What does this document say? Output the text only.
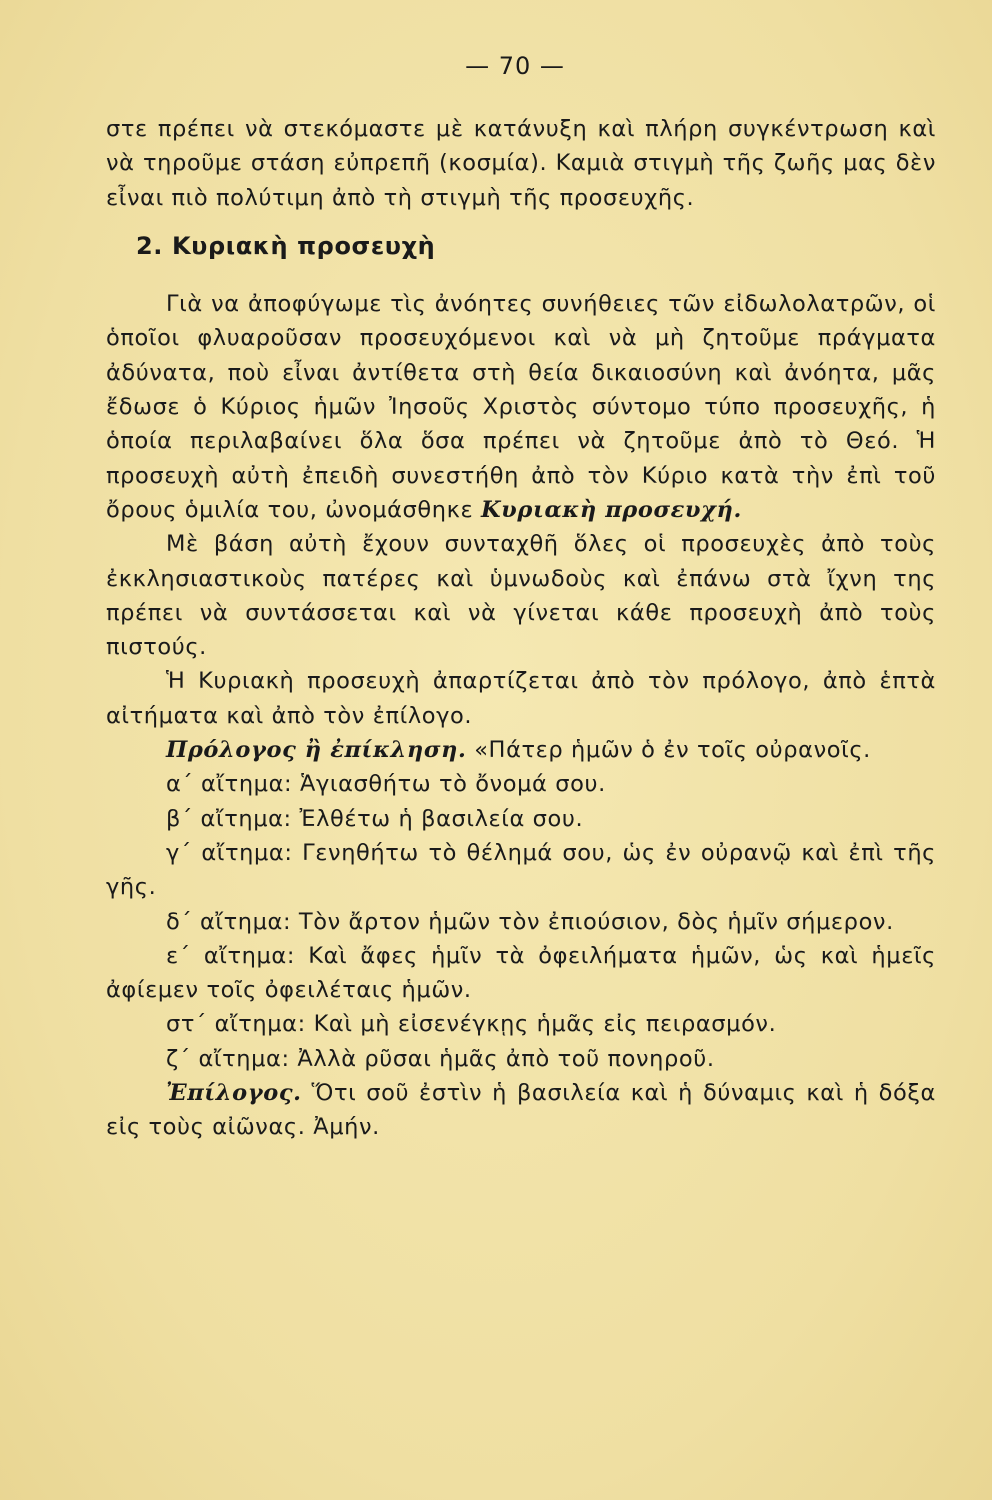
— 70 —

στε πρέπει νὰ στεκόμαστε μὲ κατάνυξη καὶ πλήρη συγκέντρωση καὶ νὰ τηροῦμε στάση εὐπρεπῆ (κοσμία). Καμιὰ στιγμὴ τῆς ζωῆς μας δὲν εἶναι πιὸ πολύτιμη ἀπὸ τὴ στιγμὴ τῆς προσευχῆς.

2. Κυριακὴ προσευχὴ

Γιὰ να ἀποφύγωμε τὶς ἀνόητες συνήθειες τῶν εἰδωλολατρῶν, οἱ ὁποῖοι φλυαροῦσαν προσευχόμενοι καὶ νὰ μὴ ζητοῦμε πράγματα ἀδύνατα, ποὺ εἶναι ἀντίθετα στὴ θεία δικαιοσύνη καὶ ἀνόητα, μᾶς ἔδωσε ὁ Κύριος ἡμῶν Ἰησοῦς Χριστὸς σύντομο τύπο προσευχῆς, ἡ ὁποία περιλαβαίνει ὅλα ὅσα πρέπει νὰ ζητοῦμε ἀπὸ τὸ Θεό. Ἡ προσευχὴ αὐτὴ ἐπειδὴ συνεστήθη ἀπὸ τὸν Κύριο κατὰ τὴν ἐπὶ τοῦ ὄρους ὁμιλία του, ὠνομάσθηκε Κυριακὴ προσευχή.

Μὲ βάση αὐτὴ ἔχουν συνταχθῆ ὅλες οἱ προσευχὲς ἀπὸ τοὺς ἐκκλησιαστικοὺς πατέρες καὶ ὑμνωδοὺς καὶ ἐπάνω στὰ ἴχνη της πρέπει νὰ συντάσσεται καὶ νὰ γίνεται κάθε προσευχὴ ἀπὸ τοὺς πιστούς.

Ἡ Κυριακὴ προσευχὴ ἀπαρτίζεται ἀπὸ τὸν πρόλογο, ἀπὸ ἑπτὰ αἰτήματα καὶ ἀπὸ τὸν ἐπίλογο.

Πρόλογος ἢ ἐπίκληση. «Πάτερ ἡμῶν ὁ ἐν τοῖς οὐρανοῖς.

α΄ αἴτημα: Ἁγιασθήτω τὸ ὄνομά σου.

β΄ αἴτημα: Ἐλθέτω ἡ βασιλεία σου.

γ΄ αἴτημα: Γενηθήτω τὸ θέλημά σου, ὡς ἐν οὐρανῷ καὶ ἐπὶ τῆς γῆς.

δ΄ αἴτημα: Τὸν ἄρτον ἡμῶν τὸν ἐπιούσιον, δὸς ἡμῖν σήμερον.

ε΄ αἴτημα: Καὶ ἄφες ἡμῖν τὰ ὀφειλήματα ἡμῶν, ὡς καὶ ἡμεῖς ἀφίεμεν τοῖς ὀφειλέταις ἡμῶν.

στ΄ αἴτημα: Καὶ μὴ εἰσενέγκῃς ἡμᾶς εἰς πειρασμόν.

ζ΄ αἴτημα: Ἀλλὰ ρῦσαι ἡμᾶς ἀπὸ τοῦ πονηροῦ.

Ἐπίλογος. Ὅτι σοῦ ἐστὶν ἡ βασιλεία καὶ ἡ δύναμις καὶ ἡ δόξα εἰς τοὺς αἰῶνας. Ἀμήν.
